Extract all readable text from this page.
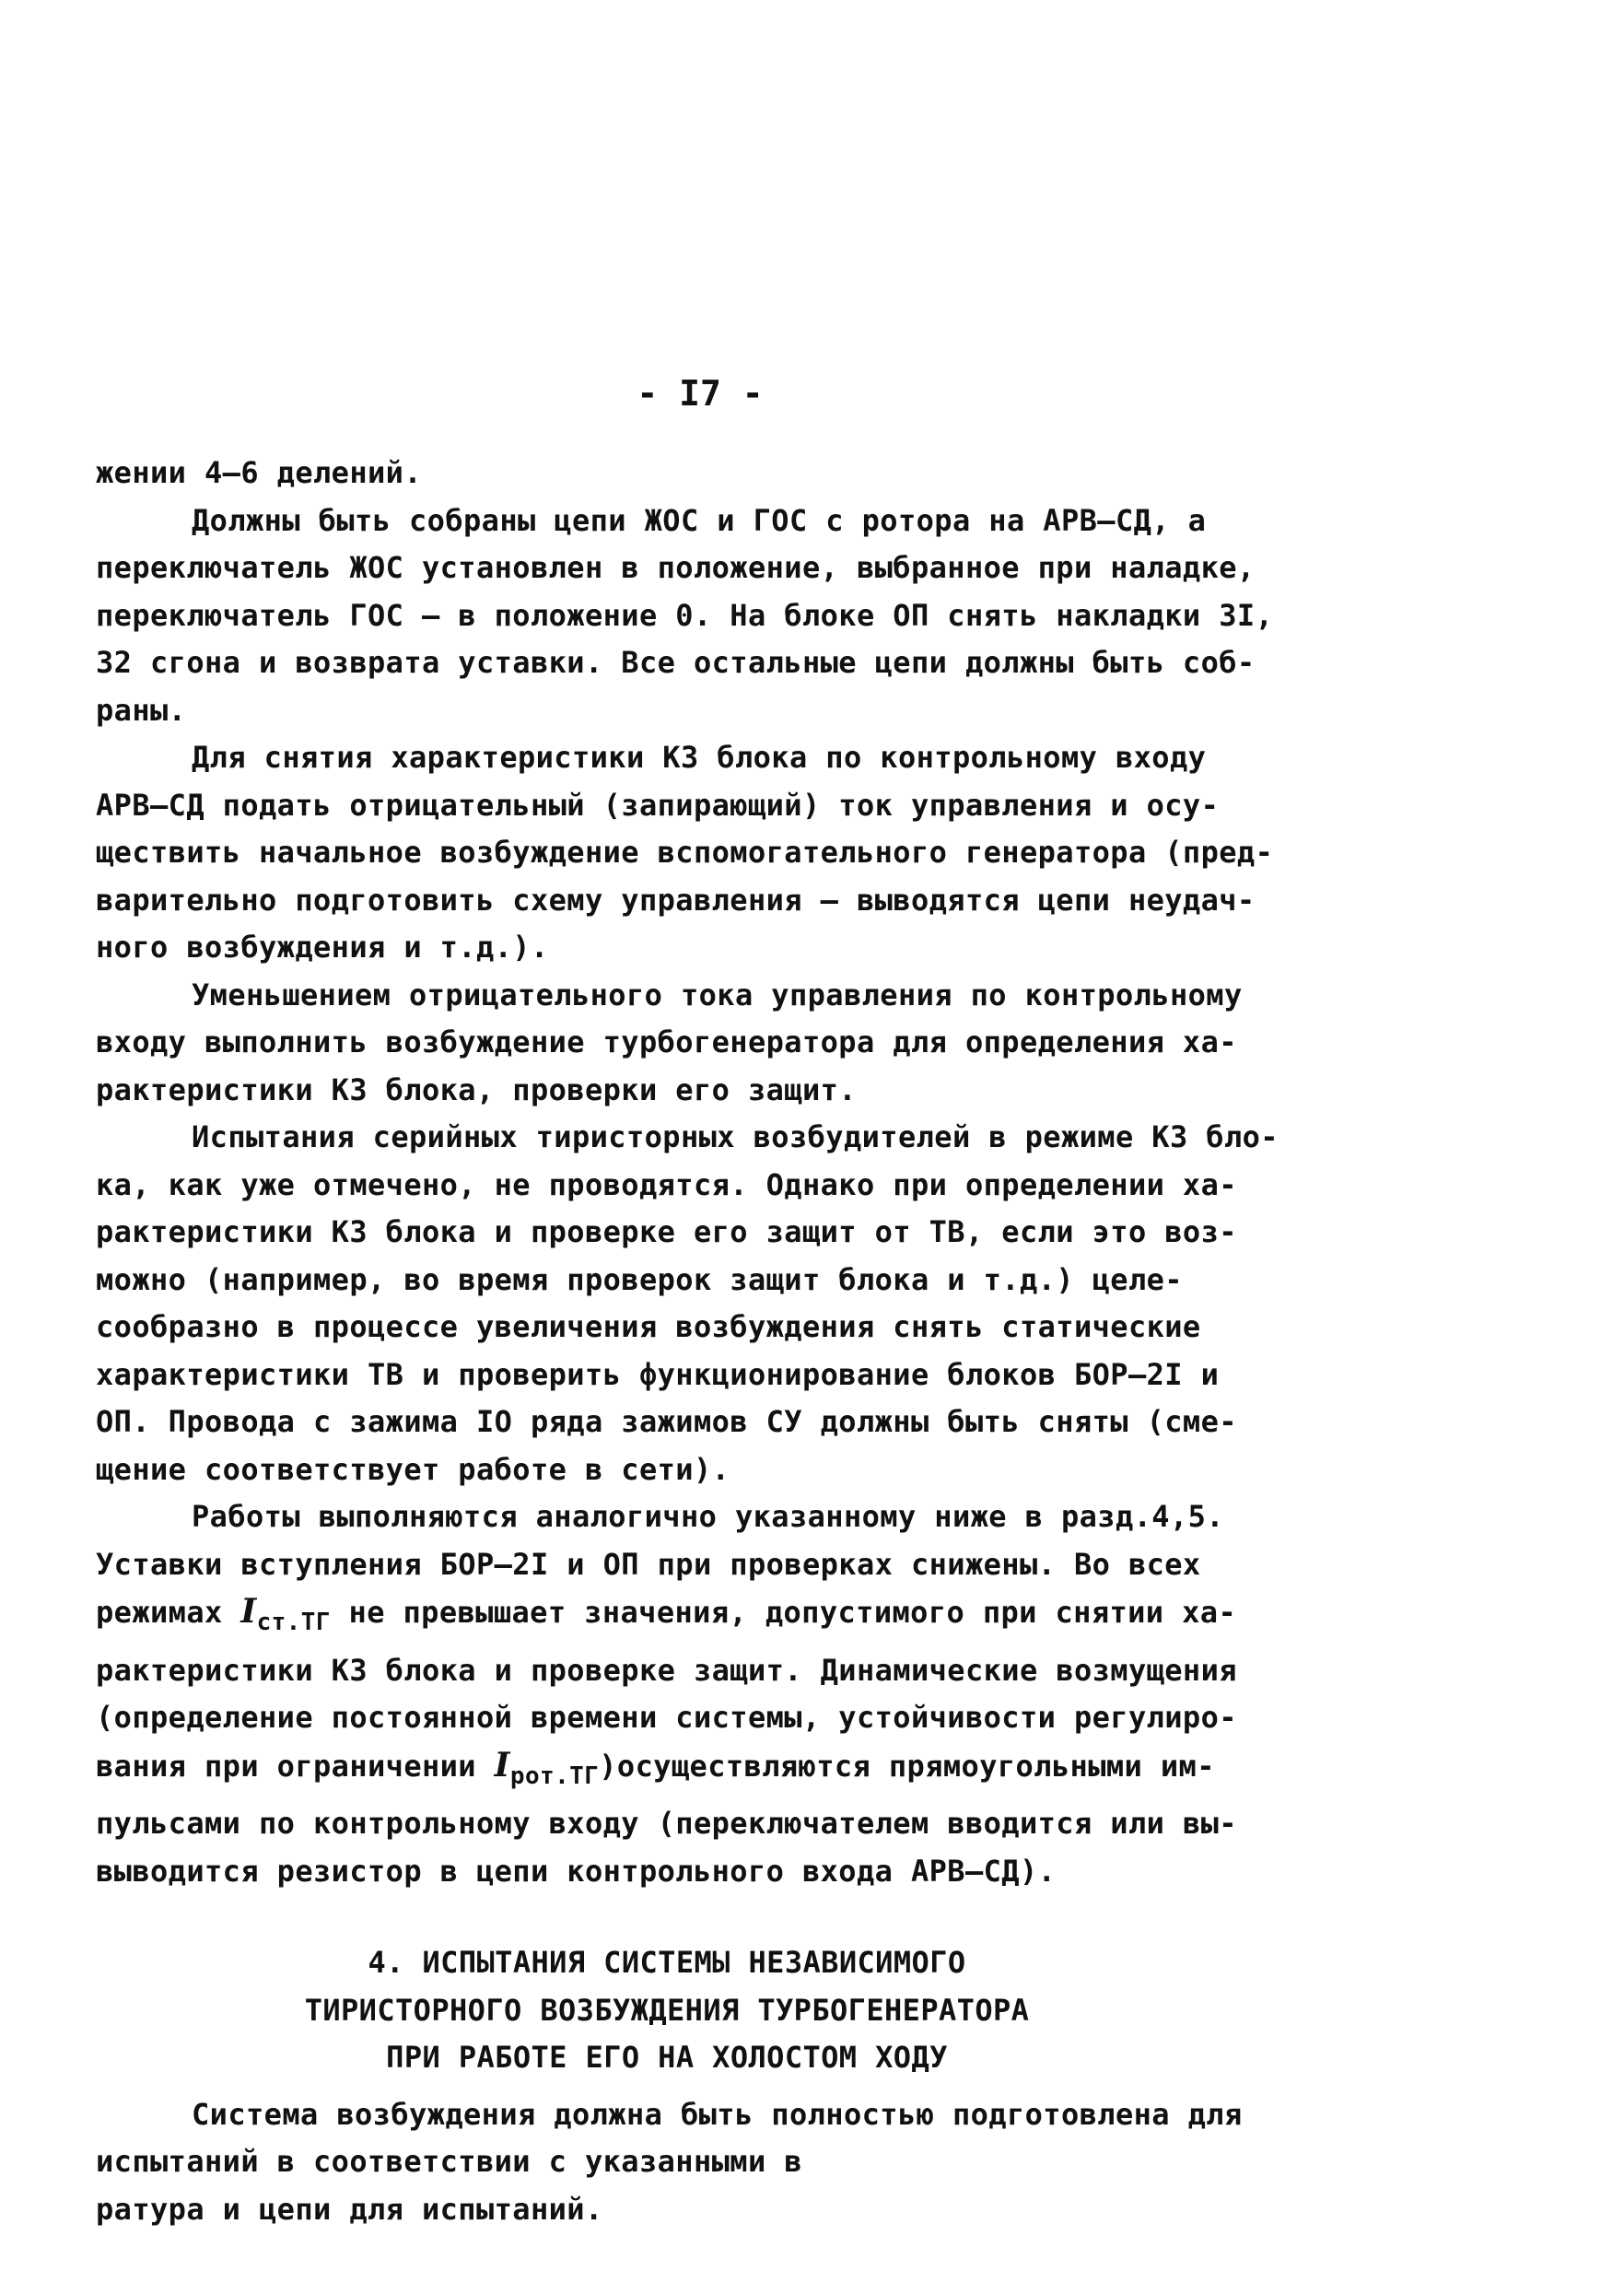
- I7 -
жении 4–6 делений.
Должны быть собраны цепи ЖОС и ГОС с ротора на АРВ–СД, а
переключатель ЖОС установлен в положение, выбранное при наладке,
переключатель ГОС – в положение 0. На блоке ОП снять накладки 3I,
32 сгона и возврата уставки. Все остальные цепи должны быть соб-
раны.
Для снятия характеристики КЗ блока по контрольному входу
АРВ–СД подать отрицательный (запирающий) ток управления и осу-
ществить начальное возбуждение вспомогательного генератора (пред-
варительно подготовить схему управления – выводятся цепи неудач-
ного возбуждения и т.д.).
Уменьшением отрицательного тока управления по контрольному
входу выполнить возбуждение турбогенератора для определения ха-
рактеристики КЗ блока, проверки его защит.
Испытания серийных тиристорных возбудителей в режиме КЗ бло-
ка, как уже отмечено, не проводятся. Однако при определении ха-
рактеристики КЗ блока и проверке его защит от ТВ, если это воз-
можно (например, во время проверок защит блока и т.д.) целе-
сообразно в процессе увеличения возбуждения снять статические
характеристики ТВ и проверить функционирование блоков БОР–2I и
ОП. Провода с зажима IO ряда зажимов СУ должны быть сняты (сме-
щение соответствует работе в сети).
Работы выполняются аналогично указанному ниже в разд.4,5.
Уставки вступления БОР–2I и ОП при проверках снижены. Во всех
режимах $I_{ст.ТГ}$ не превышает значения, допустимого при снятии ха-
рактеристики КЗ блока и проверке защит. Динамические возмущения
(определение постоянной времени системы, устойчивости регулиро-
вания при ограничении $I_{рот.ТГ})осуществляются$ прямоугольными им-
пульсами по контрольному входу (переключателем вводится или вы-
выводится резистор в цепи контрольного входа АРВ–СД).
4. ИСПЫТАНИЯ СИСТЕМЫ НЕЗАВИСИМОГО
ТИРИСТОРНОГО ВОЗБУЖДЕНИЯ ТУРБОГЕНЕРАТОРА
ПРИ РАБОТЕ ЕГО НА ХОЛОСТОМ ХОДУ
Система возбуждения должна быть полностью подготовлена для
испытаний в соответствии с указанными в
ратура и цепи для испытаний.
